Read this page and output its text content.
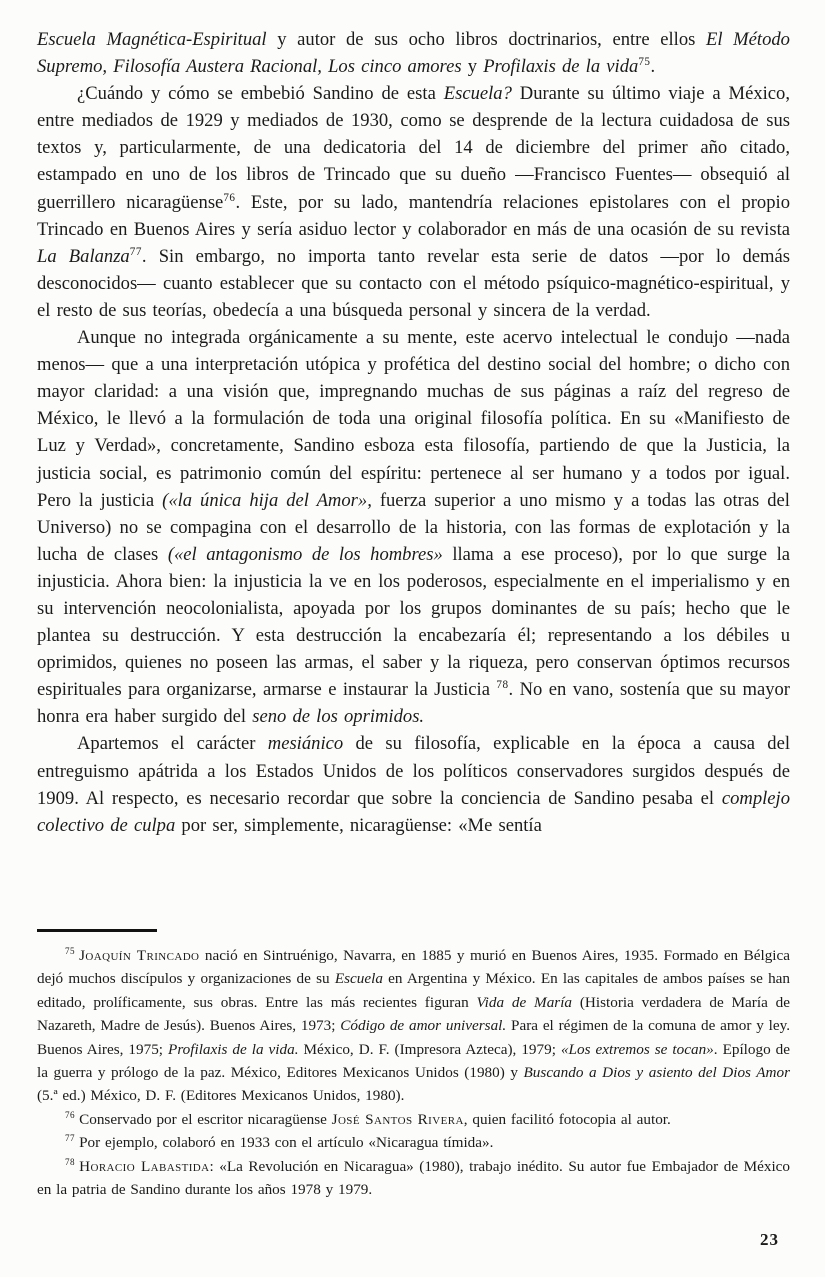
Escuela Magnética-Espiritual y autor de sus ocho libros doctrinarios, entre ellos El Método Supremo, Filosofía Austera Racional, Los cinco amores y Profilaxis de la vida$^{75}$.

¿Cuándo y cómo se embebió Sandino de esta Escuela? Durante su último viaje a México, entre mediados de 1929 y mediados de 1930, como se desprende de la lectura cuidadosa de sus textos y, particularmente, de una dedicatoria del 14 de diciembre del primer año citado, estampado en uno de los libros de Trincado que su dueño —Francisco Fuentes— obsequió al guerrillero nicaragüense$^{76}$. Este, por su lado, mantendría relaciones epistolares con el propio Trincado en Buenos Aires y sería asiduo lector y colaborador en más de una ocasión de su revista La Balanza$^{77}$. Sin embargo, no importa tanto revelar esta serie de datos —por lo demás desconocidos— cuanto establecer que su contacto con el método psíquico-magnético-espiritual, y el resto de sus teorías, obedecía a una búsqueda personal y sincera de la verdad.

Aunque no integrada orgánicamente a su mente, este acervo intelectual le condujo —nada menos— que a una interpretación utópica y profética del destino social del hombre; o dicho con mayor claridad: a una visión que, impregnando muchas de sus páginas a raíz del regreso de México, le llevó a la formulación de toda una original filosofía política. En su «Manifiesto de Luz y Verdad», concretamente, Sandino esboza esta filosofía, partiendo de que la Justicia, la justicia social, es patrimonio común del espíritu: pertenece al ser humano y a todos por igual. Pero la justicia («la única hija del Amor», fuerza superior a uno mismo y a todas las otras del Universo) no se compagina con el desarrollo de la historia, con las formas de explotación y la lucha de clases («el antagonismo de los hombres» llama a ese proceso), por lo que surge la injusticia. Ahora bien: la injusticia la ve en los poderosos, especialmente en el imperialismo y en su intervención neocolonialista, apoyada por los grupos dominantes de su país; hecho que le plantea su destrucción. Y esta destrucción la encabezaría él; representando a los débiles u oprimidos, quienes no poseen las armas, el saber y la riqueza, pero conservan óptimos recursos espirituales para organizarse, armarse e instaurar la Justicia $^{78}$. No en vano, sostenía que su mayor honra era haber surgido del seno de los oprimidos.

Apartemos el carácter mesiánico de su filosofía, explicable en la época a causa del entreguismo apátrida a los Estados Unidos de los políticos conservadores surgidos después de 1909. Al respecto, es necesario recordar que sobre la conciencia de Sandino pesaba el complejo colectivo de culpa por ser, simplemente, nicaragüense: «Me sentía

$^{75}$ Joaquín Trincado nació en Sintruénigo, Navarra, en 1885 y murió en Buenos Aires, 1935. Formado en Bélgica dejó muchos discípulos y organizaciones de su Escuela en Argentina y México. En las capitales de ambos países se han editado, prolíficamente, sus obras. Entre las más recientes figuran Vida de María (Historia verdadera de María de Nazareth, Madre de Jesús). Buenos Aires, 1973; Código de amor universal. Para el régimen de la comuna de amor y ley. Buenos Aires, 1975; Profilaxis de la vida. México, D. F. (Impresora Azteca), 1979; «Los extremos se tocan». Epílogo de la guerra y prólogo de la paz. México, Editores Mexicanos Unidos (1980) y Buscando a Dios y asiento del Dios Amor (5.ª ed.) México, D. F. (Editores Mexicanos Unidos, 1980).

$^{76}$ Conservado por el escritor nicaragüense José Santos Rivera, quien facilitó fotocopia al autor.

$^{77}$ Por ejemplo, colaboró en 1933 con el artículo «Nicaragua tímida».

$^{78}$ Horacio Labastida: «La Revolución en Nicaragua» (1980), trabajo inédito. Su autor fue Embajador de México en la patria de Sandino durante los años 1978 y 1979.

23
